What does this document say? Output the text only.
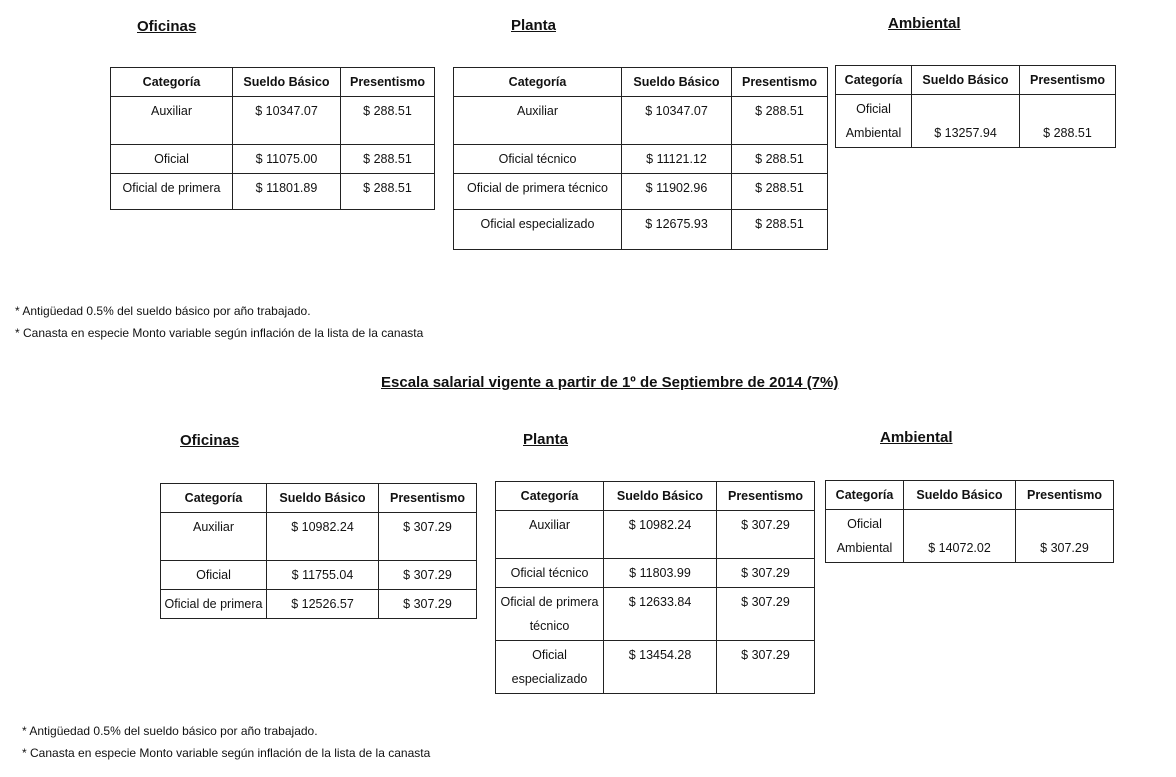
Oficinas	Planta	Ambiental
Categoría	Sueldo Básico	Presentismo
Auxiliar	$ 10347.07	$ 288.51
Oficial	$ 11075.00	$ 288.51
Oficial de primera	$ 11801.89	$ 288.51
Categoría	Sueldo Básico	Presentismo
Auxiliar	$ 10347.07	$ 288.51
Oficial técnico	$ 11121.12	$ 288.51
Oficial de primera técnico	$ 11902.96	$ 288.51
Oficial especializado	$ 12675.93	$ 288.51
Categoría	Sueldo Básico	Presentismo
Oficial Ambiental	$ 13257.94	$ 288.51
* Antigüedad 0.5% del sueldo básico por año trabajado.
* Canasta en especie Monto variable según inflación de la lista de la canasta
Escala salarial vigente a partir de 1º de Septiembre de 2014 (7%)
Oficinas	Planta	Ambiental
Categoría	Sueldo Básico	Presentismo
Auxiliar	$ 10982.24	$ 307.29
Oficial	$ 11755.04	$ 307.29
Oficial de primera	$ 12526.57	$ 307.29
Categoría	Sueldo Básico	Presentismo
Auxiliar	$ 10982.24	$ 307.29
Oficial técnico	$ 11803.99	$ 307.29
Oficial de primera técnico	$ 12633.84	$ 307.29
Oficial especializado	$ 13454.28	$ 307.29
Categoría	Sueldo Básico	Presentismo
Oficial Ambiental	$ 14072.02	$ 307.29
* Antigüedad 0.5% del sueldo básico por año trabajado.
* Canasta en especie Monto variable según inflación de la lista de la canasta
